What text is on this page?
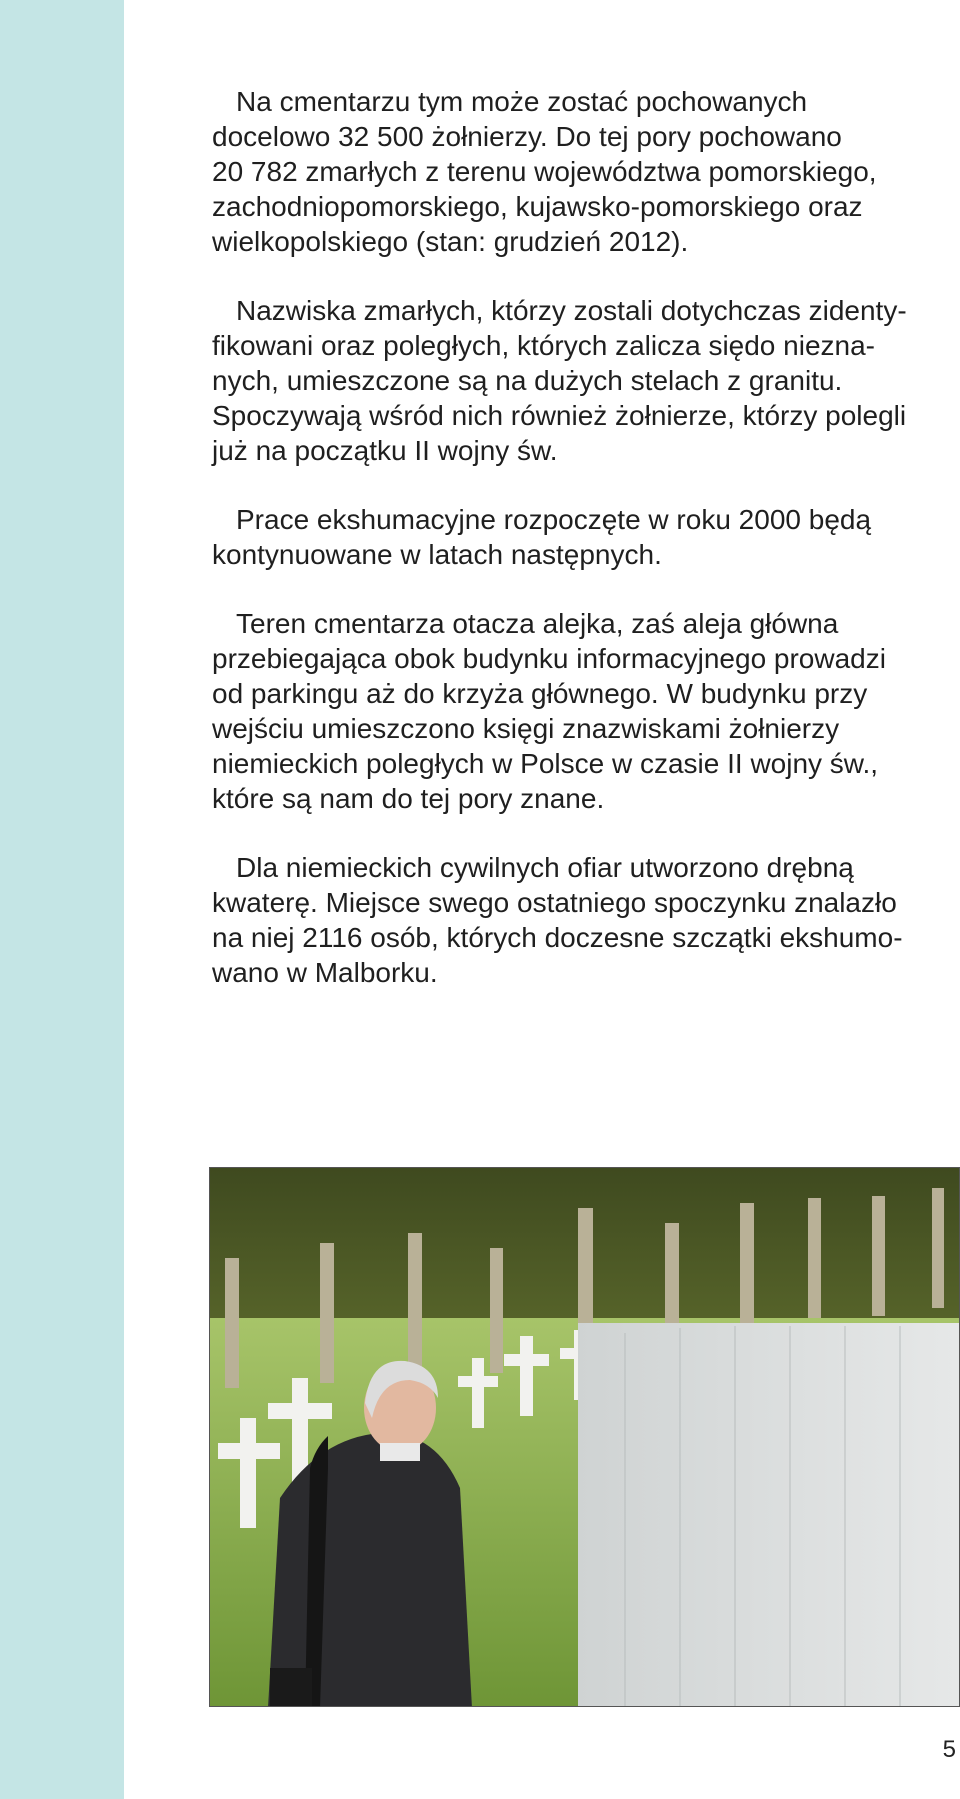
Na cmentarzu tym może zostać pochowanych
docelowo 32 500 żołnierzy. Do tej pory pochowano
20 782 zmarłych z terenu województwa pomorskiego,
zachodniopomorskiego, kujawsko-pomorskiego oraz
wielkopolskiego (stan: grudzień 2012).

Nazwiska zmarłych, którzy zostali dotychczas zidenty-
fikowani oraz poległych, których zalicza sięd​o niezna-
nych, umieszczone są na dużych stelach z granitu.
Spoczywają wśród nich również żołnierze, którzy polegli
już na początku II wojny św.

Prace ekshumacyjne rozpoczęte w roku 2000 będą
kontynuowane w latach następnych.

Teren cmentarza otacza alejka, zaś aleja główna
przebiegająca obok budynku informacyjnego prowadzi
od parkingu aż do krzyża głównego. W budynku przy
wejściu umieszczono księgi znazwiskami żołnierzy
niemieckich poległych w Polsce w czasie II wojny św.,
które są nam do tej pory znane.

Dla niemieckich cywilnych ofiar utworzono drębną
kwaterę. Miejsce swego ostatniego spoczynku znalazło
na niej 2116 osób, których doczesne szczątki ekshumo-
wano w Malborku.

5
